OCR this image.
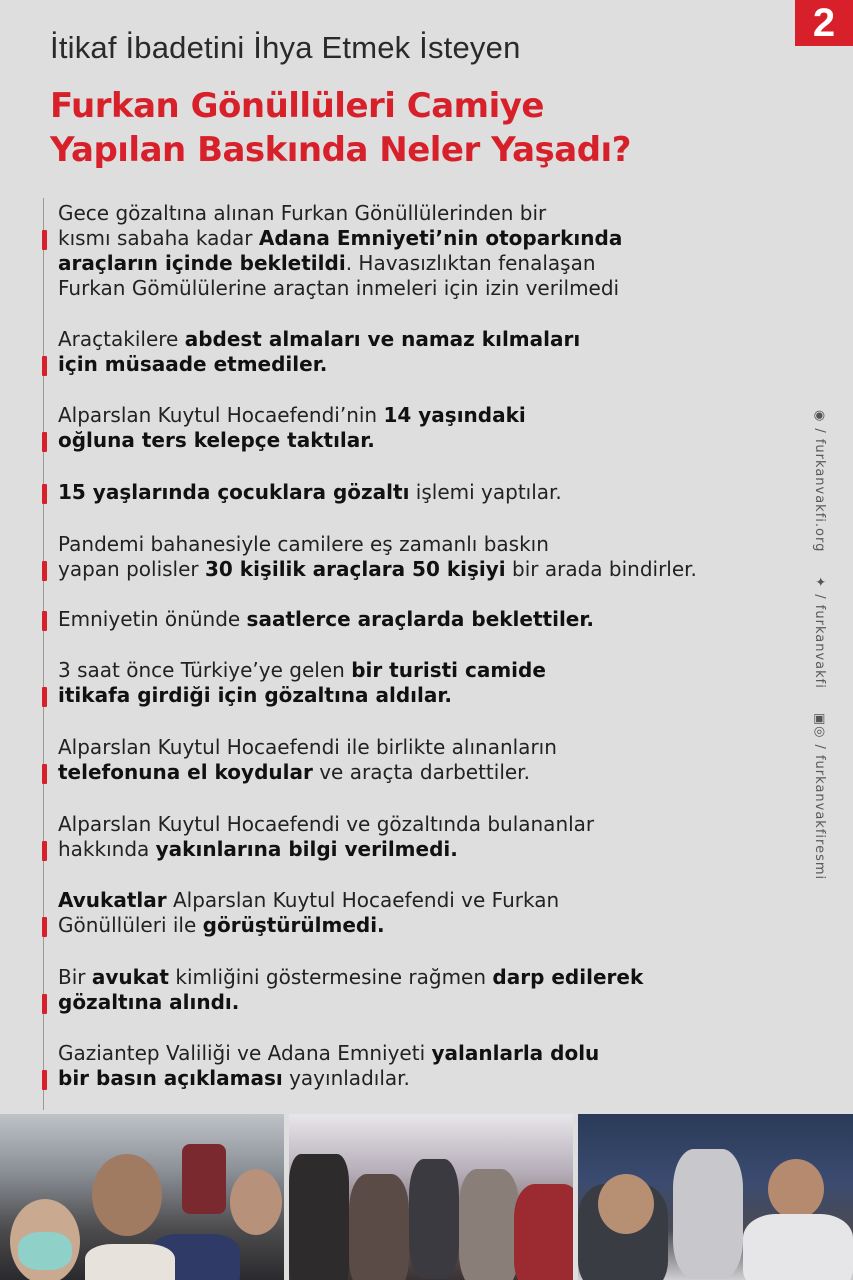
2
İtikaf İbadetini İhya Etmek İsteyen
Furkan Gönüllüleri Camiye
Yapılan Baskında Neler Yaşadı?
Gece gözaltına alınan Furkan Gönüllülerinden bir
kısmı sabaha kadar Adana Emniyeti’nin otoparkında
araçların içinde bekletildi. Havasızlıktan fenalaşan
Furkan Gömülülerine araçtan inmeleri için izin verilmedi
Araçtakilere abdest almaları ve namaz kılmaları
için müsaade etmediler.
Alparslan Kuytul Hocaefendi’nin 14 yaşındaki
oğluna ters kelepçe taktılar.
15 yaşlarında çocuklara gözaltı işlemi yaptılar.
Pandemi bahanesiyle camilere eş zamanlı baskın
yapan polisler 30 kişilik araçlara 50 kişiyi bir arada bindirler.
Emniyetin önünde saatlerce araçlarda beklettiler.
3 saat önce Türkiye’ye gelen bir turisti camide
itikafa girdiği için gözaltına aldılar.
Alparslan Kuytul Hocaefendi ile birlikte alınanların
telefonuna el koydular ve araçta darbettiler.
Alparslan Kuytul Hocaefendi ve gözaltında bulananlar
hakkında yakınlarına bilgi verilmedi.
Avukatlar Alparslan Kuytul Hocaefendi ve Furkan
Gönüllüleri ile görüştürülmedi.
Bir avukat kimliğini göstermesine rağmen darp edilerek
gözaltına alındı.
Gaziantep Valiliği ve Adana Emniyeti yalanlarla dolu
bir basın açıklaması yayınladılar.
◉
/ furkanvakfi.org
✦
/ furkanvakfi
▣◎
/ furkanvakfiresmi
